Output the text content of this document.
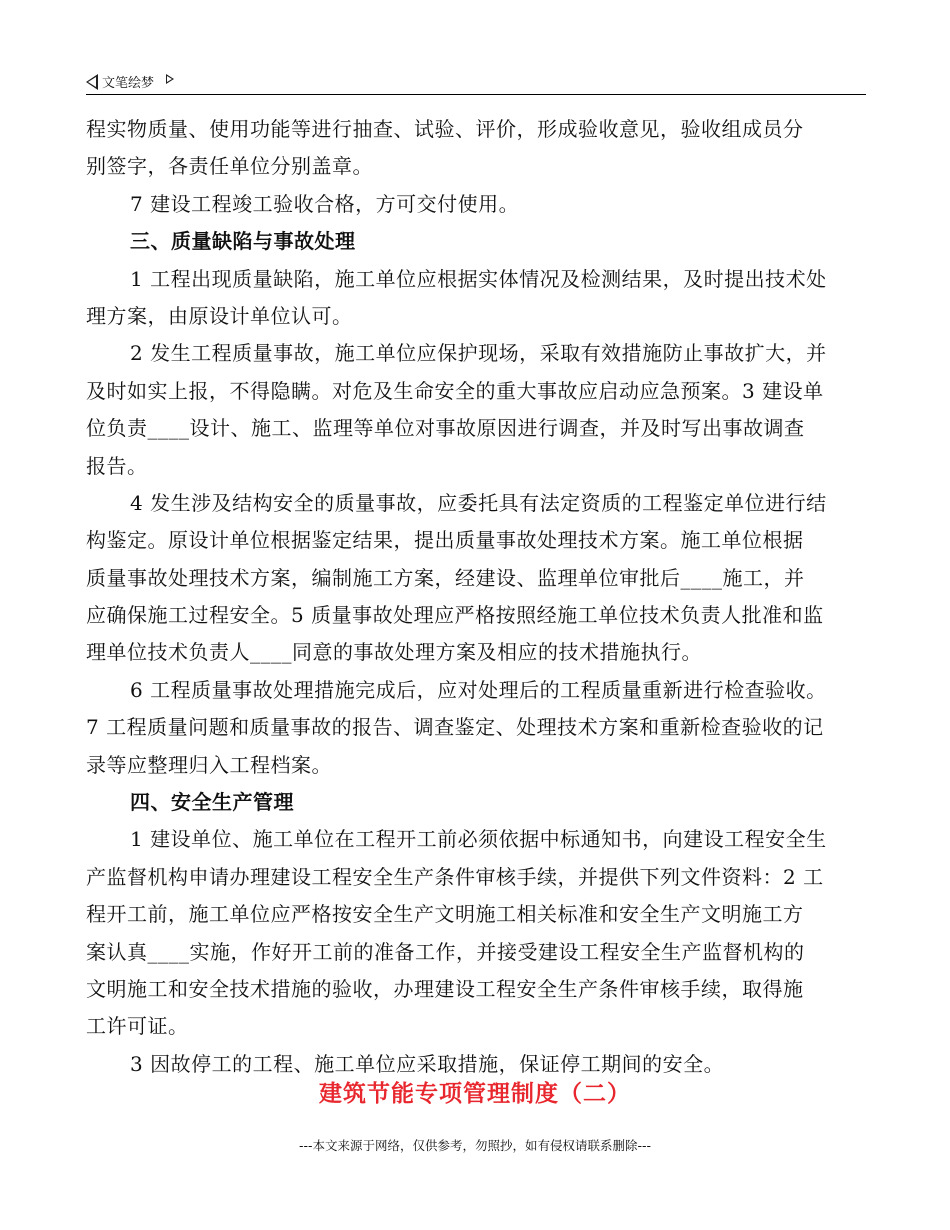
文笔绘梦
程实物质量、使用功能等进行抽查、试验、评价，形成验收意见，验收组成员分
别签字，各责任单位分别盖章。
7 建设工程竣工验收合格，方可交付使用。
三、质量缺陷与事故处理
1 工程出现质量缺陷，施工单位应根据实体情况及检测结果，及时提出技术处
理方案，由原设计单位认可。
2 发生工程质量事故，施工单位应保护现场，采取有效措施防止事故扩大，并
及时如实上报，不得隐瞒。对危及生命安全的重大事故应启动应急预案。3 建设单
位负责____设计、施工、监理等单位对事故原因进行调查，并及时写出事故调查
报告。
4 发生涉及结构安全的质量事故，应委托具有法定资质的工程鉴定单位进行结
构鉴定。原设计单位根据鉴定结果，提出质量事故处理技术方案。施工单位根据
质量事故处理技术方案，编制施工方案，经建设、监理单位审批后____施工，并
应确保施工过程安全。5 质量事故处理应严格按照经施工单位技术负责人批准和监
理单位技术负责人____同意的事故处理方案及相应的技术措施执行。
6 工程质量事故处理措施完成后，应对处理后的工程质量重新进行检查验收。
7 工程质量问题和质量事故的报告、调查鉴定、处理技术方案和重新检查验收的记
录等应整理归入工程档案。
四、安全生产管理
1 建设单位、施工单位在工程开工前必须依据中标通知书，向建设工程安全生
产监督机构申请办理建设工程安全生产条件审核手续，并提供下列文件资料：2 工
程开工前，施工单位应严格按安全生产文明施工相关标准和安全生产文明施工方
案认真____实施，作好开工前的准备工作，并接受建设工程安全生产监督机构的
文明施工和安全技术措施的验收，办理建设工程安全生产条件审核手续，取得施
工许可证。
3 因故停工的工程、施工单位应采取措施，保证停工期间的安全。
建筑节能专项管理制度（二）
---本文来源于网络，仅供参考，勿照抄，如有侵权请联系删除---
